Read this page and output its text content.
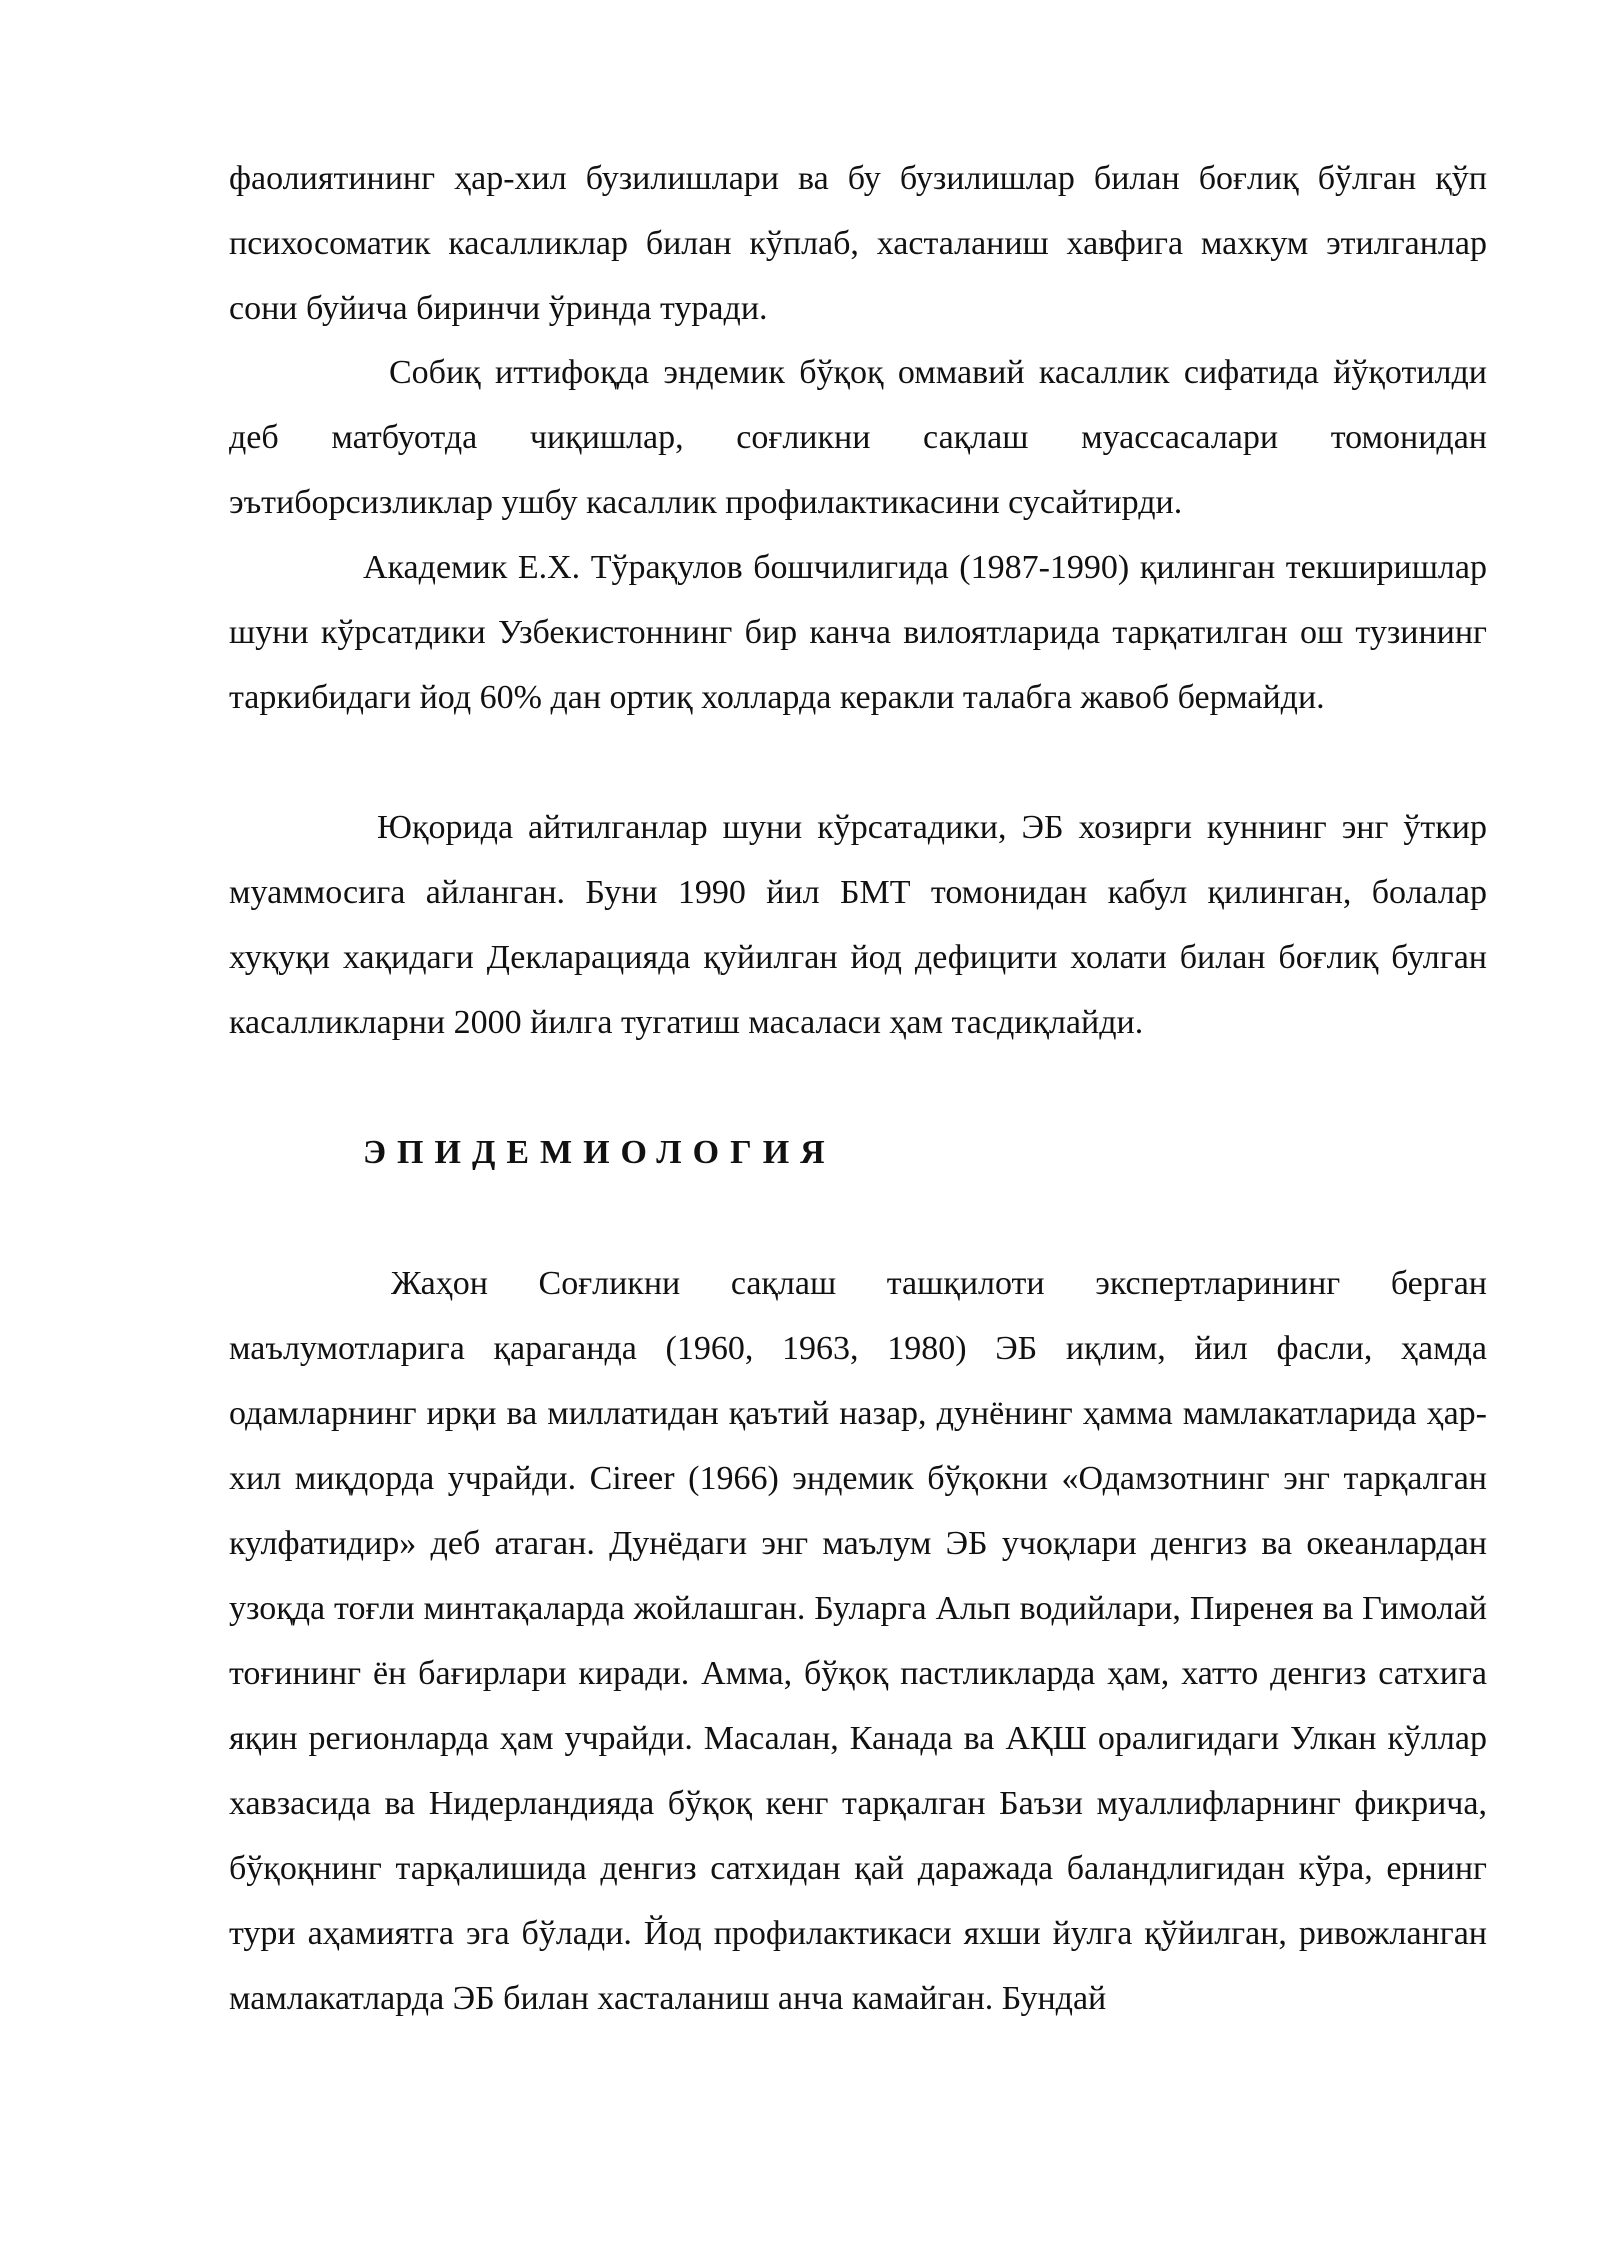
фаолиятининг ҳар-хил бузилишлари ва бу бузилишлар билан боғлиқ бўлган қўп психосоматик касалликлар билан кўплаб, хасталаниш хавфига махкум этилганлар сони буйича биринчи ўринда туради.

Собиқ иттифоқда эндемик бўқоқ оммавий касаллик сифатида йўқотилди деб матбуотда чиқишлар, соғликни сақлаш муассасалари томонидан эътиборсизликлар ушбу касаллик профилактикасини сусайтирди.

Академик Е.Х. Тўрақулов бошчилигида (1987-1990) қилинган текширишлар шуни кўрсатдики Узбекистоннинг бир канча вилоятларида тарқатилган ош тузининг таркибидаги йод 60% дан ортиқ холларда керакли талабга жавоб бермайди.

Юқорида айтилганлар шуни кўрсатадики, ЭБ хозирги куннинг энг ўткир муаммосига айланган. Буни 1990 йил БМТ томонидан кабул қилинган, болалар хуқуқи хақидаги Декларацияда қуйилган йод дефицити холати билан боғлиқ булган касалликларни 2000 йилга тугатиш масаласи ҳам тасдиқлайди.

ЭПИДЕМИОЛОГИЯ

Жаҳон Соғликни сақлаш ташқилоти экспертларининг берган маълумотларига қараганда (1960, 1963, 1980) ЭБ иқлим, йил фасли, ҳамда одамларнинг ирқи ва миллатидан қаътий назар, дунёнинг ҳамма мамлакатларида ҳар-хил миқдорда учрайди. Cireer (1966) эндемик бўқокни «Одамзотнинг энг тарқалган кулфатидир» деб атаган. Дунёдаги энг маълум ЭБ учоқлари денгиз ва океанлардан узоқда тоғли минтақаларда жойлашган. Буларга Альп водийлари, Пиренея ва Гимолай тоғининг ён бағирлари киради. Амма, бўқоқ пастликларда ҳам, хатто денгиз сатхига яқин регионларда ҳам учрайди. Масалан, Канада ва АҚШ оралигидаги Улкан кўллар хавзасида ва Нидерландияда бўқоқ кенг тарқалган Баъзи муаллифларнинг фикрича, бўқоқнинг тарқалишида денгиз сатхидан қай даражада баландлигидан кўра, ернинг тури аҳамиятга эга бўлади. Йод профилактикаси яхши йулга қўйилган, ривожланган мамлакатларда ЭБ билан хасталаниш анча камайган. Бундай
